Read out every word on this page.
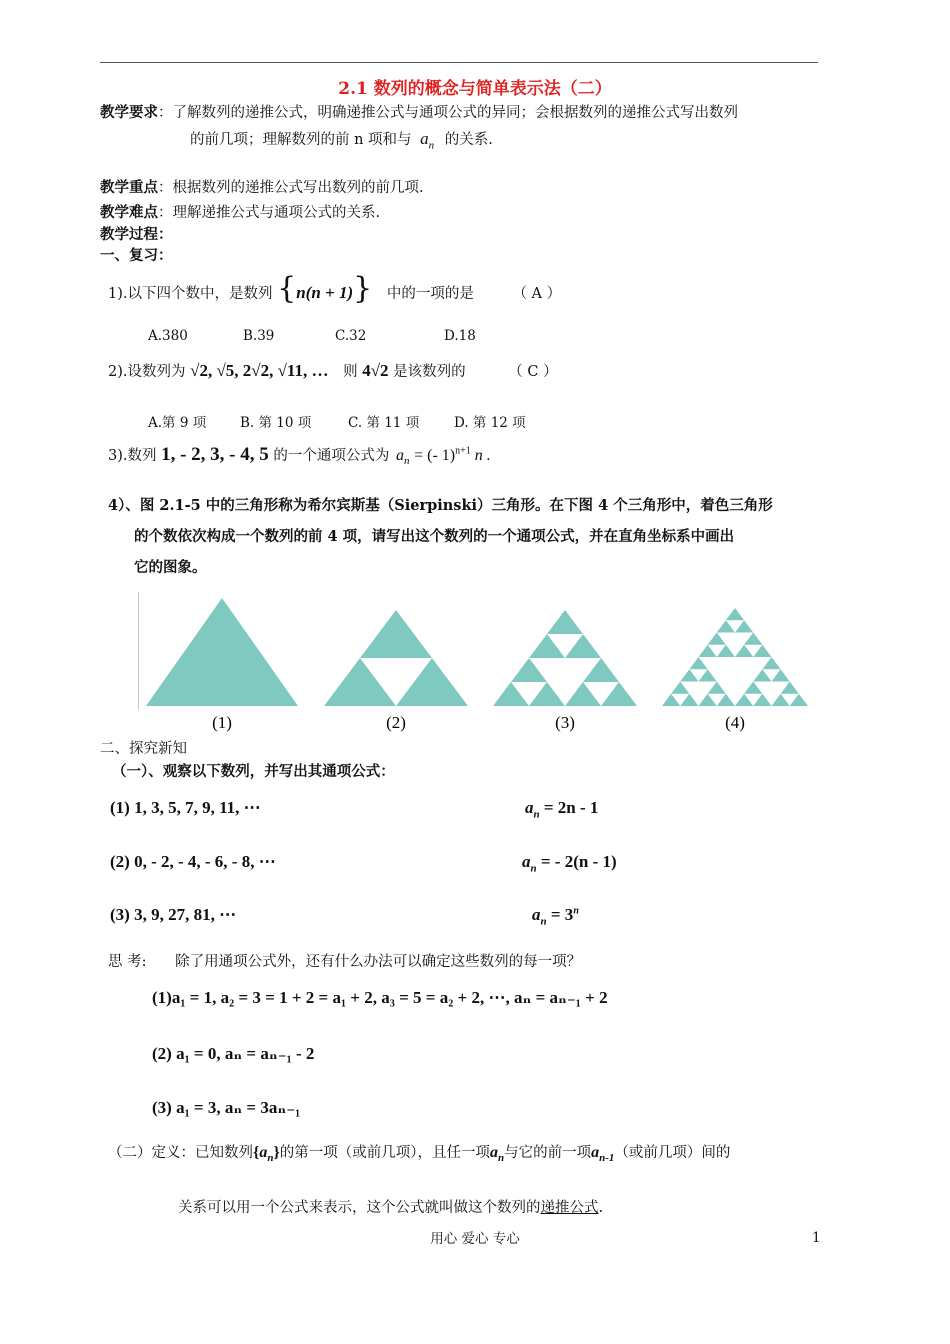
2.1 数列的概念与简单表示法（二）
教学要求：了解数列的递推公式，明确递推公式与通项公式的异同；会根据数列的递推公式写出数列
的前几项；理解数列的前 n 项和与 $a_n$ 的关系.
教学重点：根据数列的递推公式写出数列的前几项.
教学难点：理解递推公式与通项公式的关系.
教学过程：
一、复习：
1).以下四个数中，是数列 {n(n + 1)} 中的一项的是	（ A ）
A.380	B.39	C.32	D.18
2).设数列为 √2, √5, 2√2, √11, … 则 4√2 是该数列的	（ C ）
A.第 9 项	B. 第 10 项	C. 第 11 项	D. 第 12 项
3).数列 1, - 2, 3, - 4, 5 的一个通项公式为 $a_n$ = (- 1)$^{n+1}$ n .
4）、图 2.1-5 中的三角形称为希尔宾斯基（Sierpinski）三角形。在下图 4 个三角形中，着色三角形
的个数依次构成一个数列的前 4 项，请写出这个数列的一个通项公式，并在直角坐标系中画出
它的图象。
(1)	(2)	(3)	(4)
二、探究新知
（一）、观察以下数列，并写出其通项公式：
(1) 1, 3, 5, 7, 9, 11, ⋯	$a_n = 2n - 1$
(2) 0, - 2, - 4, - 6, - 8, ⋯	$a_n$ = - 2(n - 1)
(3) 3, 9, 27, 81, ⋯	$a_n = 3^n$
思 考: 除了用通项公式外，还有什么办法可以确定这些数列的每一项？
(1)a₁ = 1, a₂ = 3 = 1 + 2 = a₁ + 2, a₃ = 5 = a₂ + 2, ⋯, aₙ = aₙ₋₁ + 2
(2) a₁ = 0, aₙ = aₙ₋₁ - 2
(3) a₁ = 3, aₙ = 3aₙ₋₁
（二）定义：已知数列$\{a_n\}$的第一项（或前几项），且任一项$a_n$与它的前一项$a_{n-1}$（或前几项）间的
关系可以用一个公式来表示，这个公式就叫做这个数列的递推公式.
用心 爱心 专心	1
